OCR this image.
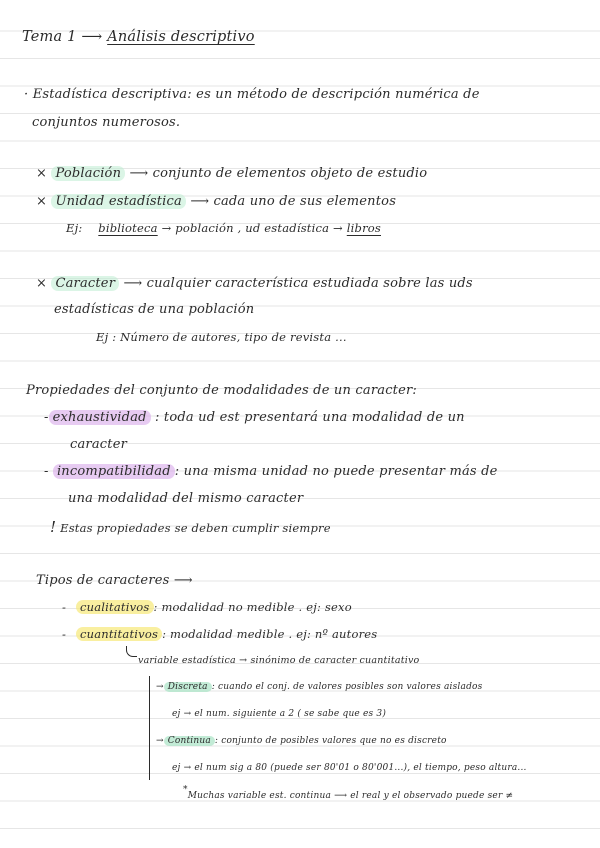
Tema 1 ⟶ Análisis descriptivo
· Estadística descriptiva: es un método de descripción numérica de
conjuntos numerosos.
× Población ⟶ conjunto de elementos objeto de estudio
× Unidad estadística ⟶ cada uno de sus elementos
Ej: biblioteca → población , ud estadística → libros
× Caracter ⟶ cualquier característica estudiada sobre las uds
estadísticas de una población
Ej : Número de autores, tipo de revista ...
Propiedades del conjunto de modalidades de un caracter:
- exhaustividad : toda ud est presentará una modalidad de un
caracter
- incompatibilidad : una misma unidad no puede presentar más de
una modalidad del mismo caracter
! Estas propiedades se deben cumplir siempre
Tipos de caracteres ⟶
- cualitativos : modalidad no medible . ej: sexo
- cuantitativos : modalidad medible . ej: nº autores
variable estadística → sinónimo de caracter cuantitativo
→ Discreta : cuando el conj. de valores posibles son valores aislados
ej → el num. siguiente a 2 ( se sabe que es 3)
→ Continua : conjunto de posibles valores que no es discreto
ej → el num sig a 80 (puede ser 80'01 o 80'001...), el tiempo, peso altura...
*Muchas variable est. continua ⟶ el real y el observado puede ser ≠
